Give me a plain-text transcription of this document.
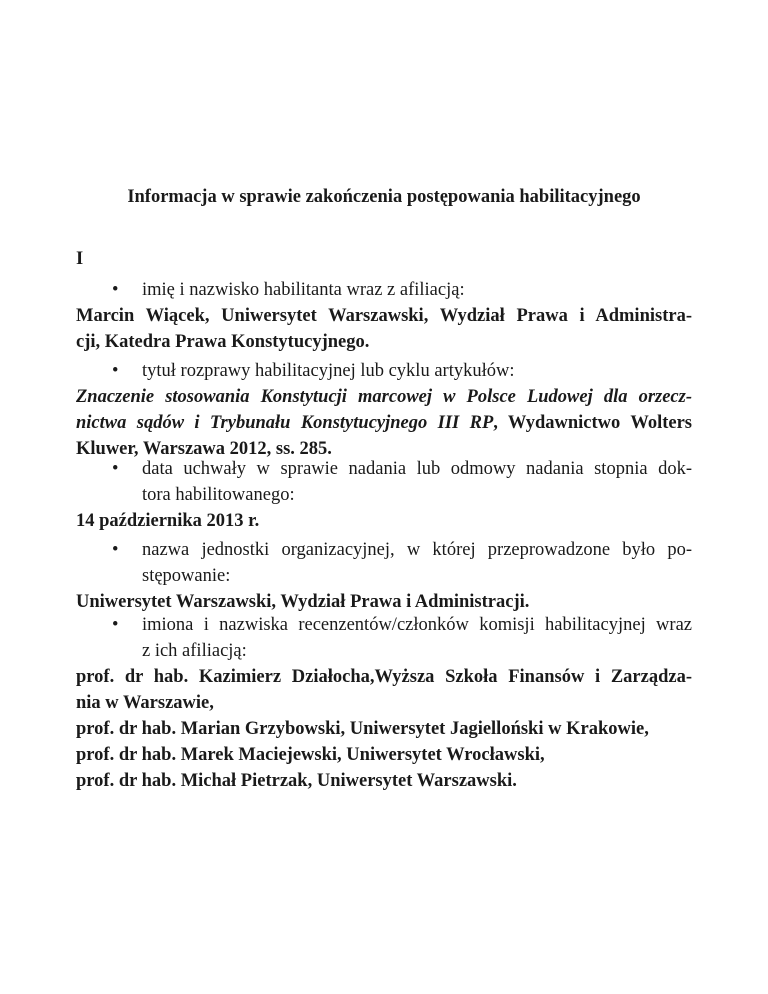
Informacja w sprawie zakończenia postępowania habilitacyjnego

I

• imię i nazwisko habilitanta wraz z afiliacją:
Marcin Wiącek, Uniwersytet Warszawski, Wydział Prawa i Administra-
cji, Katedra Prawa Konstytucyjnego.
• tytuł rozprawy habilitacyjnej lub cyklu artykułów:
Znaczenie stosowania Konstytucji marcowej w Polsce Ludowej dla orzecz-
nictwa sądów i Trybunału Konstytucyjnego III RP, Wydawnictwo Wolters
Kluwer, Warszawa 2012, ss. 285.
• data uchwały w sprawie nadania lub odmowy nadania stopnia dok-
tora habilitowanego:
14 października 2013 r.
• nazwa jednostki organizacyjnej, w której przeprowadzone było po-
stępowanie:
Uniwersytet Warszawski, Wydział Prawa i Administracji.
• imiona i nazwiska recenzentów/członków komisji habilitacyjnej wraz
z ich afiliacją:
prof. dr hab. Kazimierz Działocha,Wyższa Szkoła Finansów i Zarządza-
nia w Warszawie,
prof. dr hab. Marian Grzybowski, Uniwersytet Jagielloński w Krakowie,
prof. dr hab. Marek Maciejewski, Uniwersytet Wrocławski,
prof. dr hab. Michał Pietrzak, Uniwersytet Warszawski.
